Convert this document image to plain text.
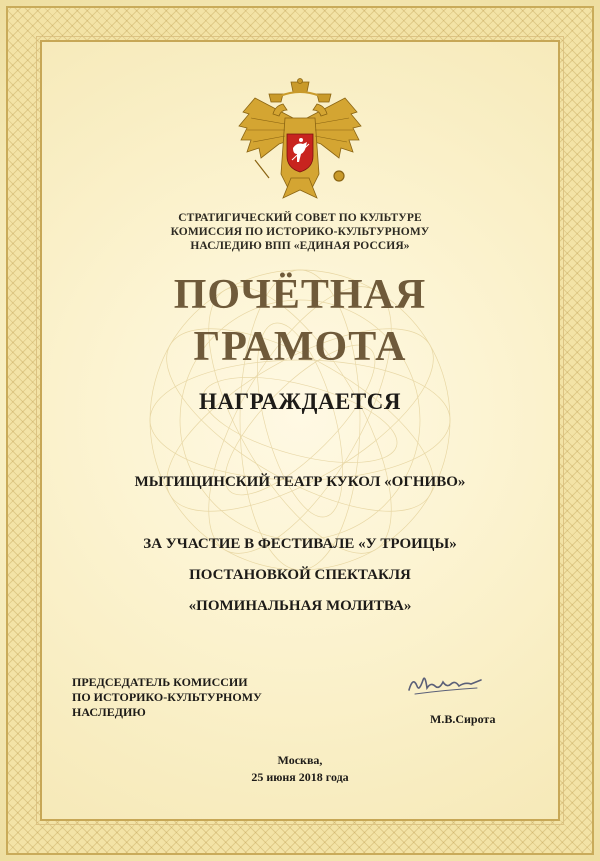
СТРАТИГИЧЕСКИЙ СОВЕТ ПО КУЛЬТУРЕ
КОМИССИЯ ПО ИСТОРИКО-КУЛЬТУРНОМУ
НАСЛЕДИЮ ВПП «ЕДИНАЯ РОССИЯ»
ПОЧЁТНАЯ
ГРАМОТА
НАГРАЖДАЕТСЯ
МЫТИЩИНСКИЙ ТЕАТР КУКОЛ «ОГНИВО»
ЗА УЧАСТИЕ В ФЕСТИВАЛЕ «У ТРОИЦЫ»
ПОСТАНОВКОЙ СПЕКТАКЛЯ
«ПОМИНАЛЬНАЯ МОЛИТВА»
ПРЕДСЕДАТЕЛЬ КОМИССИИ
ПО ИСТОРИКО-КУЛЬТУРНОМУ
НАСЛЕДИЮ	М.В.Сирота
Москва,
25 июня 2018 года
